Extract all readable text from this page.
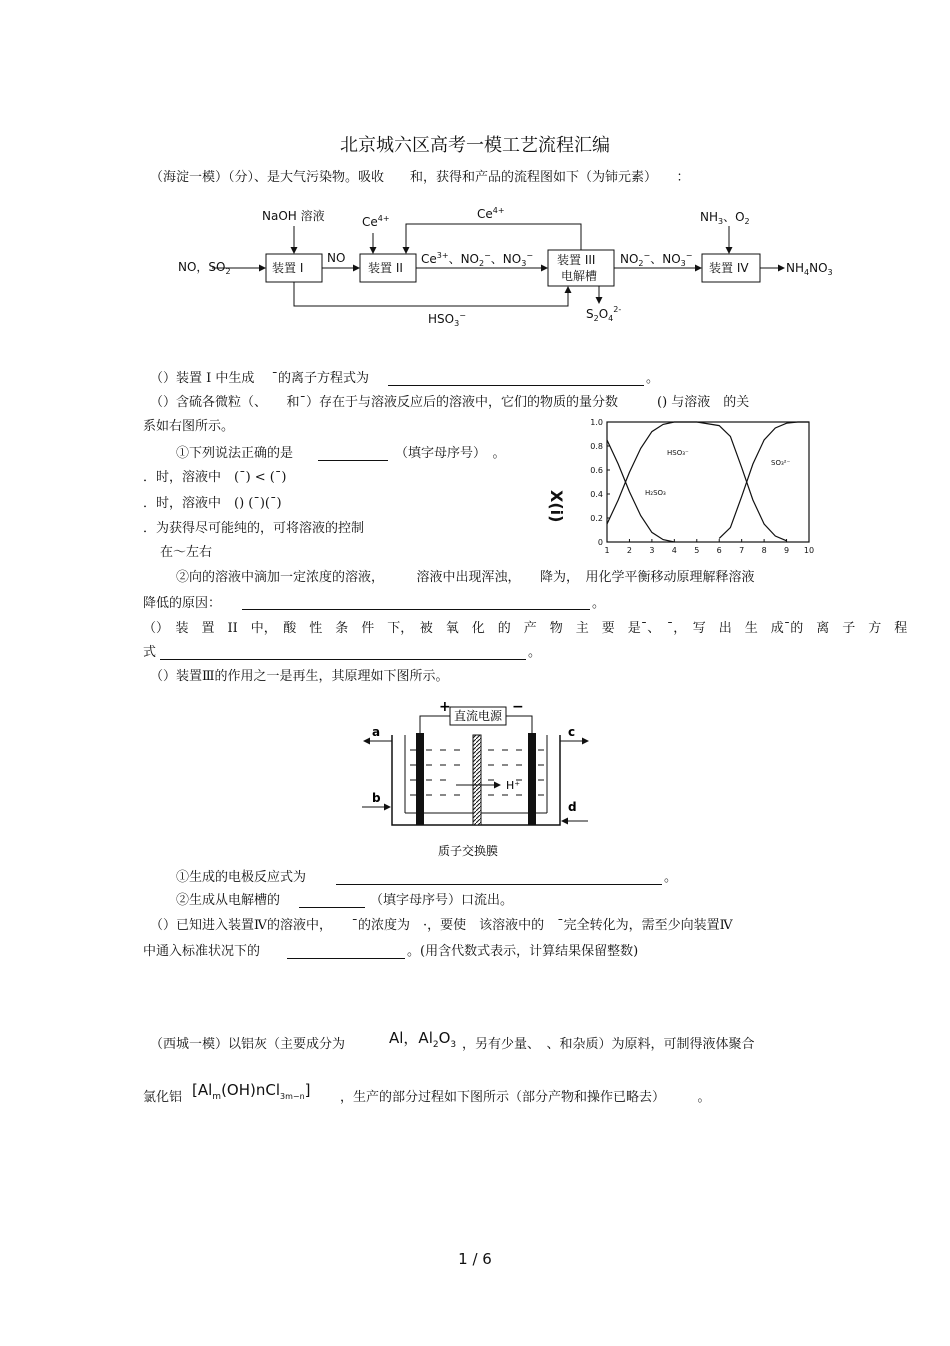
北京城六区高考一模工艺流程汇编
（海淀一模）（分）、是大气污染物。吸收　　和，获得和产品的流程图如下（为铈元素）　　：
NaOH 溶液	$Ce^{4+}$	$Ce^{4+}$	$NH_3$、$O_2$
NO，$SO_2$	装置 I
NO
装置 II
$Ce^{3+}$、$NO_2^-$、$NO_3^-$ 装置 III
电解槽
$NO_2^-$、$NO_3^-$
装置 IV	$NH_4NO_3$
$HSO_3^-$	$S_2O_4^{2-}$
（）装置 I 中生成　 ˉ的离子方程式为	。
（）含硫各微粒（、　　和ˉ）存在于与溶液反应后的溶液中，它们的物质的量分数　　　() 与溶液　的关
系如右图所示。
①下列说法正确的是	（填字母序号）　。
．时，溶液中　(ˉ) < (ˉ)
．时，溶液中　() (ˉ)(ˉ)
．为获得尽可能纯的，可将溶液的控制
在～左右
0
0.2
0.4
0.6
0.8
1.0
1 2 3 4 5 6 7 8 9 10
X(i)	H₂SO₃
HSO₃⁻
SO₃²⁻
②向的溶液中滴加一定浓度的溶液，　　　溶液中出现浑浊，　　降为，　用化学平衡移动原理解释溶液
降低的原因：	。
（）　装　置　II　中，　酸　性　条　件　下，　被　氧　化　的　产　物　主　要　是ˉ、　ˉ，　写　出　生　成ˉ的　离　子　方　程
式	。
（）装置Ⅲ的作用之一是再生，其原理如下图所示。
直流电源
+	−
H⁺
a
b
c
d
质子交换膜
①生成的电极反应式为	。
②生成从电解槽的	（填字母序号）口流出。
（）已知进入装置Ⅳ的溶液中，　　ˉ的浓度为　·，要使　该溶液中的　ˉ完全转化为，需至少向装置Ⅳ
中通入标准状况下的	。(用含代数式表示，计算结果保留整数)
（西城一模）以铝灰（主要成分为	Al，$Al_2O_3$ ，另有少量、　、和杂质）为原料，可制得液体聚合
氯化铝 $[Al_m(OH)nCl_{3m-n}]$ ，生产的部分过程如下图所示（部分产物和操作已略去）　　　。
1 / 6
